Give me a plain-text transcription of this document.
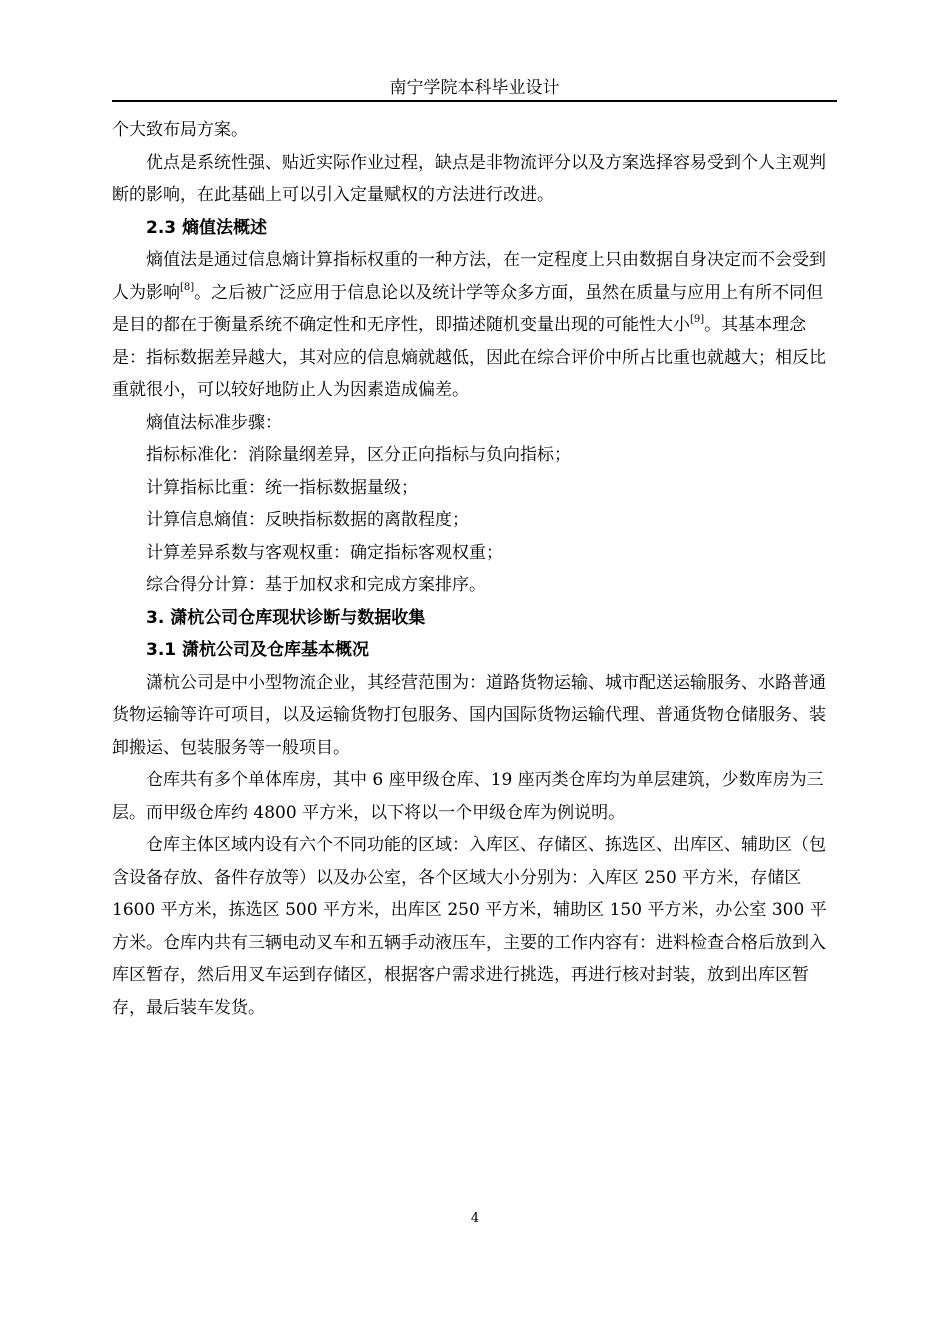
南宁学院本科毕业设计

个大致布局方案。

优点是系统性强、贴近实际作业过程，缺点是非物流评分以及方案选择容易受到个人主观判断的影响，在此基础上可以引入定量赋权的方法进行改进。

2.3 熵值法概述

熵值法是通过信息熵计算指标权重的一种方法，在一定程度上只由数据自身决定而不会受到人为影响[8]。之后被广泛应用于信息论以及统计学等众多方面，虽然在质量与应用上有所不同但是目的都在于衡量系统不确定性和无序性，即描述随机变量出现的可能性大小[9]。其基本理念是：指标数据差异越大，其对应的信息熵就越低，因此在综合评价中所占比重也就越大；相反比重就很小，可以较好地防止人为因素造成偏差。

熵值法标准步骤：

指标标准化：消除量纲差异，区分正向指标与负向指标；

计算指标比重：统一指标数据量级；

计算信息熵值：反映指标数据的离散程度；

计算差异系数与客观权重：确定指标客观权重；

综合得分计算：基于加权求和完成方案排序。

3. 潇杭公司仓库现状诊断与数据收集

3.1 潇杭公司及仓库基本概况

潇杭公司是中小型物流企业，其经营范围为：道路货物运输、城市配送运输服务、水路普通货物运输等许可项目，以及运输货物打包服务、国内国际货物运输代理、普通货物仓储服务、装卸搬运、包装服务等一般项目。

仓库共有多个单体库房，其中 6 座甲级仓库、19 座丙类仓库均为单层建筑，少数库房为三层。而甲级仓库约 4800 平方米，以下将以一个甲级仓库为例说明。

仓库主体区域内设有六个不同功能的区域：入库区、存储区、拣选区、出库区、辅助区（包含设备存放、备件存放等）以及办公室，各个区域大小分别为：入库区 250 平方米，存储区 1600 平方米，拣选区 500 平方米，出库区 250 平方米，辅助区 150 平方米，办公室 300 平方米。仓库内共有三辆电动叉车和五辆手动液压车，主要的工作内容有：进料检查合格后放到入库区暂存，然后用叉车运到存储区，根据客户需求进行挑选，再进行核对封装，放到出库区暂存，最后装车发货。

4
